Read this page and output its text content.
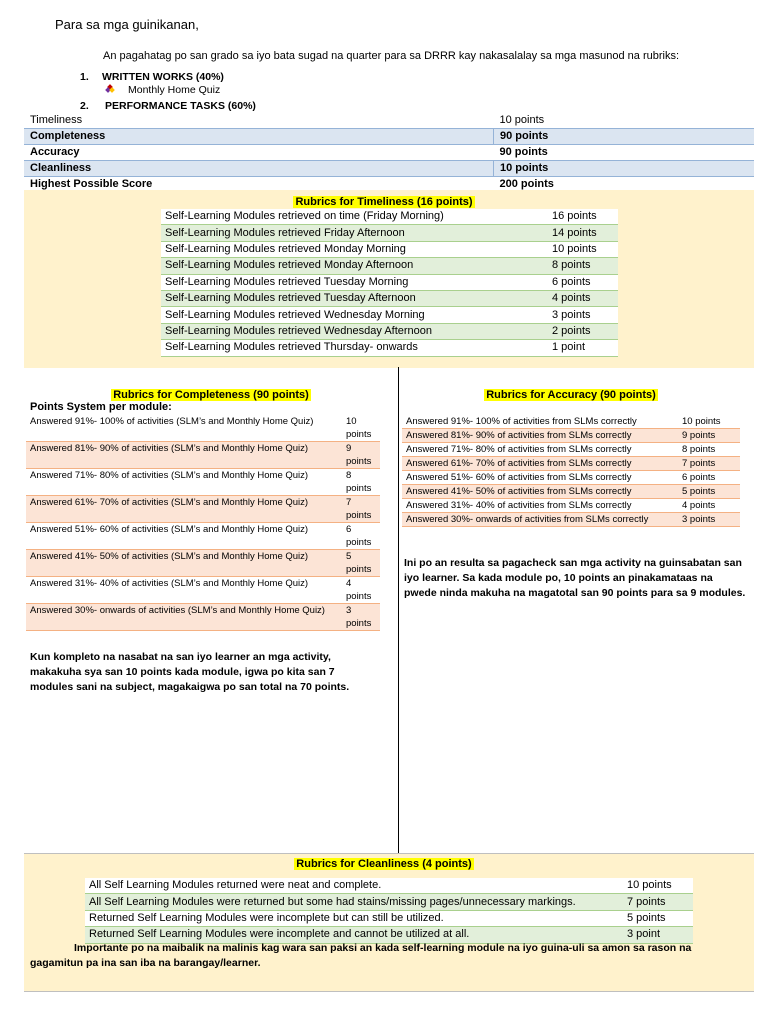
Para sa mga guinikanan,
An pagahatag po san grado sa iyo bata sugad na quarter para sa DRRR kay nakasalalay sa mga masunod na rubriks:
1. WRITTEN WORKS (40%)
Monthly Home Quiz
2. PERFORMANCE TASKS (60%)
Timeliness	10 points
Completeness	90 points
Accuracy	90 points
Cleanliness	10 points
Highest Possible Score	200 points
Rubrics for Timeliness (16 points)
Self-Learning Modules retrieved on time (Friday Morning)	16 points
Self-Learning Modules retrieved Friday Afternoon	14 points
Self-Learning Modules retrieved Monday Morning	10 points
Self-Learning Modules retrieved Monday Afternoon	8 points
Self-Learning Modules retrieved Tuesday Morning	6 points
Self-Learning Modules retrieved Tuesday Afternoon	4 points
Self-Learning Modules retrieved Wednesday Morning	3 points
Self-Learning Modules retrieved Wednesday Afternoon	2 points
Self-Learning Modules retrieved Thursday- onwards	1 point
Rubrics for Completeness (90 points)
Points System per module:
Answered 91%- 100% of activities (SLM’s and Monthly Home Quiz)	10 points
Answered 81%- 90% of activities (SLM’s and Monthly Home Quiz)	9 points
Answered 71%- 80% of activities (SLM’s and Monthly Home Quiz)	8 points
Answered 61%- 70% of activities (SLM’s and Monthly Home Quiz)	7 points
Answered 51%- 60% of activities (SLM’s and Monthly Home Quiz)	6 points
Answered 41%- 50% of activities (SLM’s and Monthly Home Quiz)	5 points
Answered 31%- 40% of activities (SLM’s and Monthly Home Quiz)	4 points
Answered 30%- onwards of activities (SLM’s and Monthly Home Quiz)	3 points
Kun kompleto na nasabat na san iyo learner an mga activity, makakuha sya san 10 points kada module, igwa po kita san 7 modules sani na subject, magakaigwa po san total na 70 points.
Rubrics for Accuracy (90 points)
Answered 91%- 100% of activities from SLMs correctly	10 points
Answered 81%- 90% of activities from SLMs correctly	9 points
Answered 71%- 80% of activities from SLMs correctly	8 points
Answered 61%- 70% of activities from SLMs correctly	7 points
Answered 51%- 60% of activities from SLMs correctly	6 points
Answered 41%- 50% of activities from SLMs correctly	5 points
Answered 31%- 40% of activities from SLMs correctly	4 points
Answered 30%- onwards of activities from SLMs correctly	3 points
Ini po an resulta sa pagacheck san mga activity na guinsabatan san iyo learner. Sa kada module po, 10 points an pinakamataas na pwede ninda makuha na magatotal san 90 points para sa 9 modules.
Rubrics for Cleanliness (4 points)
All Self Learning Modules returned were neat and complete.	10 points
All Self Learning Modules were returned but some had stains/missing pages/unnecessary markings.	7 points
Returned Self Learning Modules were incomplete but can still be utilized.	5 points
Returned Self Learning Modules were incomplete and cannot be utilized at all.	3 point
Importante po na maibalik na malinis kag wara san paksi an kada self-learning module na iyo guina-uli sa amon sa rason na gagamitun pa ina san iba na barangay/learner.
